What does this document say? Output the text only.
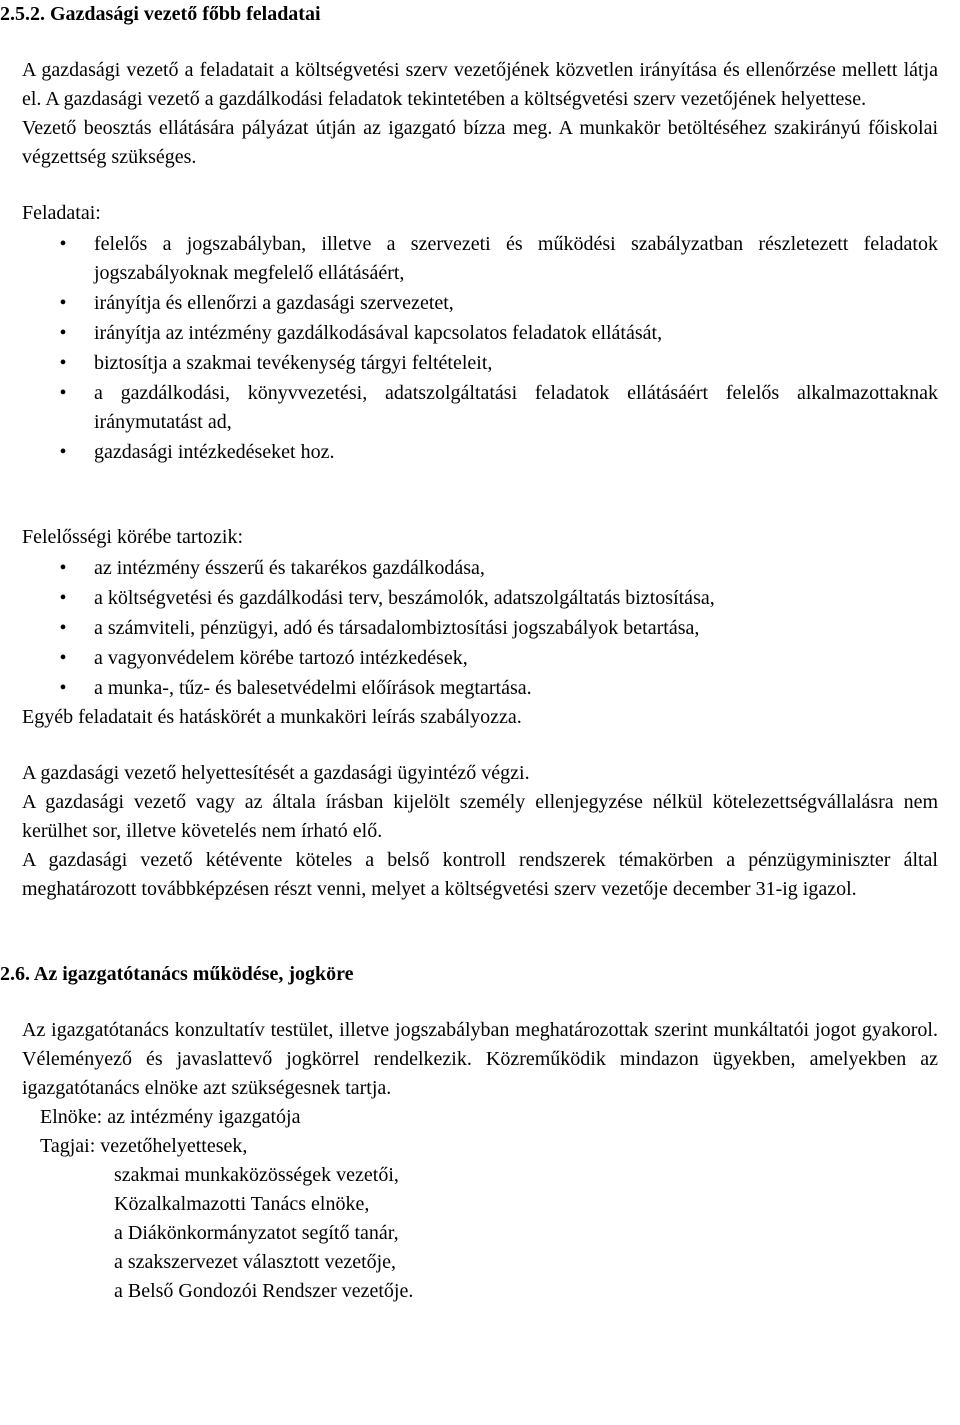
2.5.2. Gazdasági vezető főbb feladatai

A gazdasági vezető a feladatait a költségvetési szerv vezetőjének közvetlen irányítása és ellenőrzése mellett látja el. A gazdasági vezető a gazdálkodási feladatok tekintetében a költségvetési szerv vezetőjének helyettese.

Vezető beosztás ellátására pályázat útján az igazgató bízza meg. A munkakör betöltéséhez szakirányú főiskolai végzettség szükséges.

Feladatai:

• felelős a jogszabályban, illetve a szervezeti és működési szabályzatban részletezett feladatok jogszabályoknak megfelelő ellátásáért,
• irányítja és ellenőrzi a gazdasági szervezetet,
• irányítja az intézmény gazdálkodásával kapcsolatos feladatok ellátását,
• biztosítja a szakmai tevékenység tárgyi feltételeit,
• a gazdálkodási, könyvvezetési, adatszolgáltatási feladatok ellátásáért felelős alkalmazottaknak iránymutatást ad,
• gazdasági intézkedéseket hoz.

Felelősségi körébe tartozik:

• az intézmény ésszerű és takarékos gazdálkodása,
• a költségvetési és gazdálkodási terv, beszámolók, adatszolgáltatás biztosítása,
• a számviteli, pénzügyi, adó és társadalombiztosítási jogszabályok betartása,
• a vagyonvédelem körébe tartozó intézkedések,
• a munka-, tűz- és balesetvédelmi előírások megtartása.

Egyéb feladatait és hatáskörét a munkaköri leírás szabályozza.

A gazdasági vezető helyettesítését a gazdasági ügyintéző végzi.

A gazdasági vezető vagy az általa írásban kijelölt személy ellenjegyzése nélkül kötelezettségvállalásra nem kerülhet sor, illetve követelés nem írható elő.

A gazdasági vezető kétévente köteles a belső kontroll rendszerek témakörben a pénzügyminiszter által meghatározott továbbképzésen részt venni, melyet a költségvetési szerv vezetője december 31-ig igazol.

2.6. Az igazgatótanács működése, jogköre

Az igazgatótanács konzultatív testület, illetve jogszabályban meghatározottak szerint munkáltatói jogot gyakorol. Véleményező és javaslattevő jogkörrel rendelkezik. Közreműködik mindazon ügyekben, amelyekben az igazgatótanács elnöke azt szükségesnek tartja.

Elnöke: az intézmény igazgatója

Tagjai: vezetőhelyettesek,

szakmai munkaközösségek vezetői,

Közalkalmazotti Tanács elnöke,

a Diákönkormányzatot segítő tanár,

a szakszervezet választott vezetője,

a Belső Gondozói Rendszer vezetője.
